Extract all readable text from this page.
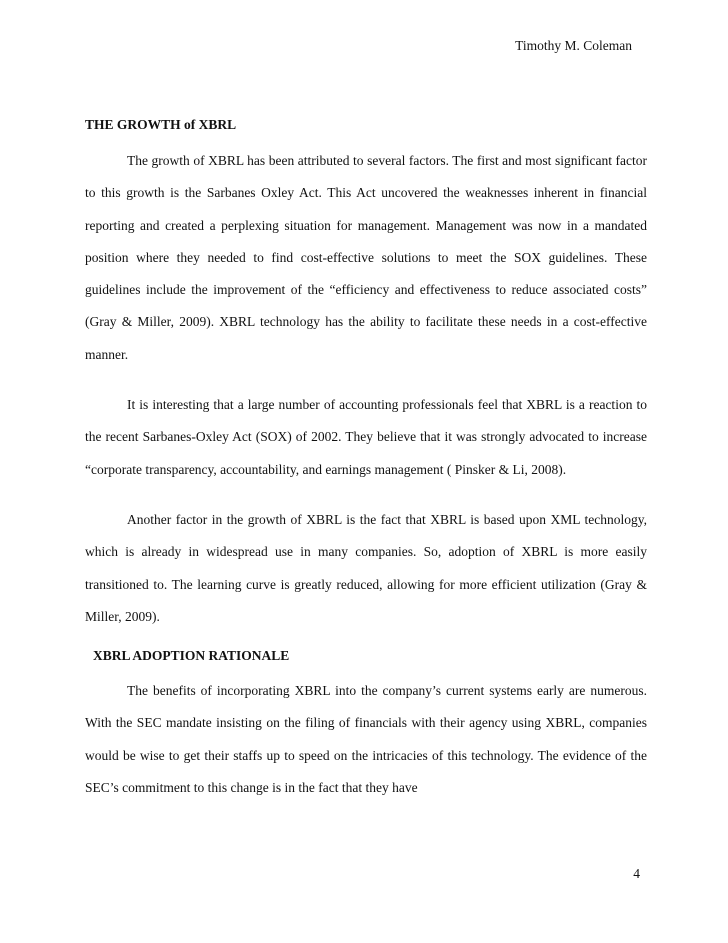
Timothy M. Coleman
THE GROWTH of XBRL

The growth of XBRL has been attributed to several factors. The first and most significant factor to this growth is the Sarbanes Oxley Act. This Act uncovered the weaknesses inherent in financial reporting and created a perplexing situation for management. Management was now in a mandated position where they needed to find cost-effective solutions to meet the SOX guidelines. These guidelines include the improvement of the “efficiency and effectiveness to reduce associated costs” (Gray & Miller, 2009). XBRL technology has the ability to facilitate these needs in a cost-effective manner.

It is interesting that a large number of accounting professionals feel that XBRL is a reaction to the recent Sarbanes-Oxley Act (SOX) of 2002. They believe that it was strongly advocated to increase “corporate transparency, accountability, and earnings management ( Pinsker & Li, 2008).

Another factor in the growth of XBRL is the fact that XBRL is based upon XML technology, which is already in widespread use in many companies. So, adoption of XBRL is more easily transitioned to. The learning curve is greatly reduced, allowing for more efficient utilization (Gray & Miller, 2009).

XBRL ADOPTION RATIONALE

The benefits of incorporating XBRL into the company’s current systems early are numerous. With the SEC mandate insisting on the filing of financials with their agency using XBRL, companies would be wise to get their staffs up to speed on the intricacies of this technology. The evidence of the SEC’s commitment to this change is in the fact that they have

4
